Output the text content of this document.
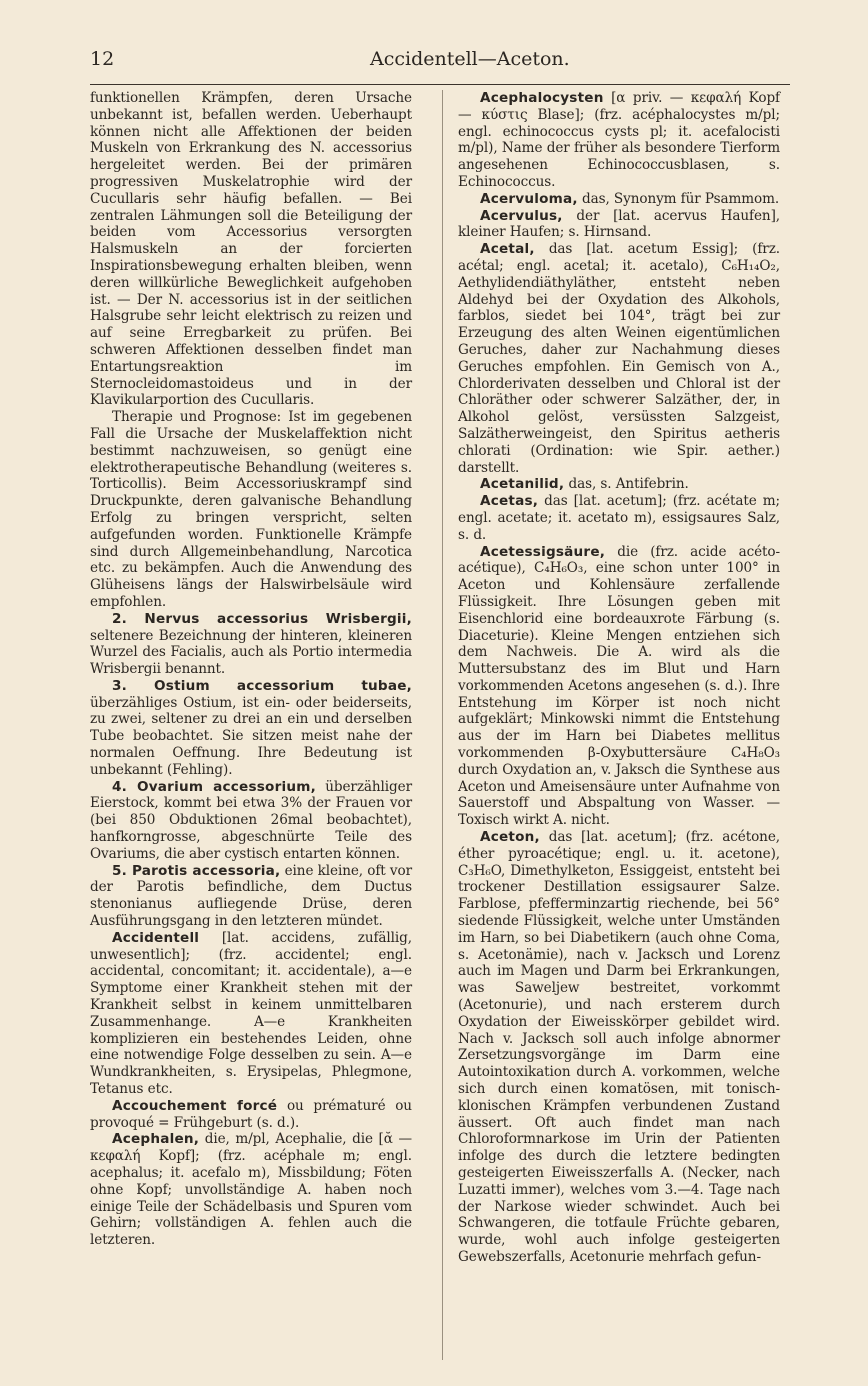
12	Accidentell—Aceton.

funktionellen Krämpfen, deren Ursache unbekannt ist, befallen werden. Ueberhaupt können nicht alle Affektionen der beiden Muskeln von Erkrankung des N. accessorius hergeleitet werden. Bei der primären progressiven Muskelatrophie wird der Cucullaris sehr häufig befallen. — Bei zentralen Lähmungen soll die Beteiligung der beiden vom Accessorius versorgten Halsmuskeln an der forcierten Inspirationsbewegung erhalten bleiben, wenn deren willkürliche Beweglichkeit aufgehoben ist. — Der N. accessorius ist in der seitlichen Halsgrube sehr leicht elektrisch zu reizen und auf seine Erregbarkeit zu prüfen. Bei schweren Affektionen desselben findet man Entartungsreaktion im Sternocleidomastoideus und in der Klavikularportion des Cucullaris.

Therapie und Prognose: Ist im gegebenen Fall die Ursache der Muskelaffektion nicht bestimmt nachzuweisen, so genügt eine elektrotherapeutische Behandlung (weiteres s. Torticollis). Beim Accessoriuskrampf sind Druckpunkte, deren galvanische Behandlung Erfolg zu bringen verspricht, selten aufgefunden worden. Funktionelle Krämpfe sind durch Allgemeinbehandlung, Narcotica etc. zu bekämpfen. Auch die Anwendung des Glüheisens längs der Halswirbelsäule wird empfohlen.

2. Nervus accessorius Wrisbergii, seltenere Bezeichnung der hinteren, kleineren Wurzel des Facialis, auch als Portio intermedia Wrisbergii benannt.

3. Ostium accessorium tubae, überzähliges Ostium, ist ein- oder beiderseits, zu zwei, seltener zu drei an ein und derselben Tube beobachtet. Sie sitzen meist nahe der normalen Oeffnung. Ihre Bedeutung ist unbekannt (Fehling).

4. Ovarium accessorium, überzähliger Eierstock, kommt bei etwa 3% der Frauen vor (bei 850 Obduktionen 26mal beobachtet), hanfkorngrosse, abgeschnürte Teile des Ovariums, die aber cystisch entarten können.

5. Parotis accessoria, eine kleine, oft vor der Parotis befindliche, dem Ductus stenonianus aufliegende Drüse, deren Ausführungsgang in den letzteren mündet.

Accidentell [lat. accidens, zufällig, unwesentlich]; (frz. accidentel; engl. accidental, concomitant; it. accidentale), a—e Symptome einer Krankheit stehen mit der Krankheit selbst in keinem unmittelbaren Zusammenhange. A—e Krankheiten komplizieren ein bestehendes Leiden, ohne eine notwendige Folge desselben zu sein. A—e Wundkrankheiten, s. Erysipelas, Phlegmone, Tetanus etc.

Accouchement forcé ou prématuré ou provoqué = Frühgeburt (s. d.).

Acephalen, die, m/pl, Acephalie, die [ᾰ — κεφαλή Kopf]; (frz. acéphale m; engl. acephalus; it. acefalo m), Missbildung; Föten ohne Kopf; unvollständige A. haben noch einige Teile der Schädelbasis und Spuren vom Gehirn; vollständigen A. fehlen auch die letzteren.

Acephalocysten [α priv. — κεφαλή Kopf — κύστις Blase]; (frz. acéphalocystes m/pl; engl. echinococcus cysts pl; it. acefalocisti m/pl), Name der früher als besondere Tierform angesehenen Echinococcusblasen, s. Echinococcus.

Acervuloma, das, Synonym für Psammom.

Acervulus, der [lat. acervus Haufen], kleiner Haufen; s. Hirnsand.

Acetal, das [lat. acetum Essig]; (frz. acétal; engl. acetal; it. acetalo), C₆H₁₄O₂, Aethylidendiäthyläther, entsteht neben Aldehyd bei der Oxydation des Alkohols, farblos, siedet bei 104°, trägt bei zur Erzeugung des alten Weinen eigentümlichen Geruches, daher zur Nachahmung dieses Geruches empfohlen. Ein Gemisch von A., Chlorderivaten desselben und Chloral ist der Chloräther oder schwerer Salzäther, der, in Alkohol gelöst, versüssten Salzgeist, Salzätherweingeist, den Spiritus aetheris chlorati (Ordination: wie Spir. aether.) darstellt.

Acetanilid, das, s. Antifebrin.

Acetas, das [lat. acetum]; (frz. acétate m; engl. acetate; it. acetato m), essigsaures Salz, s. d.

Acetessigsäure, die (frz. acide acéto-acétique), C₄H₆O₃, eine schon unter 100° in Aceton und Kohlensäure zerfallende Flüssigkeit. Ihre Lösungen geben mit Eisenchlorid eine bordeauxrote Färbung (s. Diaceturie). Kleine Mengen entziehen sich dem Nachweis. Die A. wird als die Muttersubstanz des im Blut und Harn vorkommenden Acetons angesehen (s. d.). Ihre Entstehung im Körper ist noch nicht aufgeklärt; Minkowski nimmt die Entstehung aus der im Harn bei Diabetes mellitus vorkommenden β-Oxybuttersäure C₄H₈O₃ durch Oxydation an, v. Jaksch die Synthese aus Aceton und Ameisensäure unter Aufnahme von Sauerstoff und Abspaltung von Wasser. — Toxisch wirkt A. nicht.

Aceton, das [lat. acetum]; (frz. acétone, éther pyroacétique; engl. u. it. acetone), C₃H₆O, Dimethylketon, Essiggeist, entsteht bei trockener Destillation essigsaurer Salze. Farblose, pfefferminzartig riechende, bei 56° siedende Flüssigkeit, welche unter Umständen im Harn, so bei Diabetikern (auch ohne Coma, s. Acetonämie), nach v. Jacksch und Lorenz auch im Magen und Darm bei Erkrankungen, was Saweljew bestreitet, vorkommt (Acetonurie), und nach ersterem durch Oxydation der Eiweisskörper gebildet wird. Nach v. Jacksch soll auch infolge abnormer Zersetzungsvorgänge im Darm eine Autointoxikation durch A. vorkommen, welche sich durch einen komatösen, mit tonisch-klonischen Krämpfen verbundenen Zustand äussert. Oft auch findet man nach Chloroformnarkose im Urin der Patienten infolge des durch die letztere bedingten gesteigerten Eiweisszerfalls A. (Necker, nach Luzatti immer), welches vom 3.—4. Tage nach der Narkose wieder schwindet. Auch bei Schwangeren, die totfaule Früchte gebaren, wurde, wohl auch infolge gesteigerten Gewebszerfalls, Acetonurie mehrfach gefun-
